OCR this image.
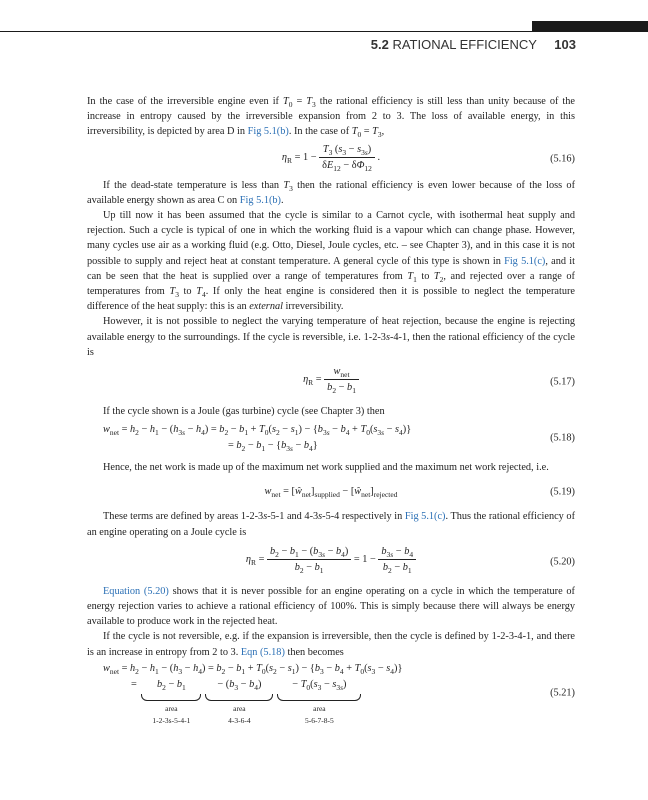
5.2 RATIONAL EFFICIENCY 103

In the case of the irreversible engine even if $T_0 = T_3$ the rational efficiency is still less than unity because of the increase in entropy caused by the irreversible expansion from 2 to 3. The loss of available energy, in this irreversibility, is depicted by area D in Fig 5.1(b). In the case of $T_0 = T_3$,

$\eta_R = 1 - \frac{T_3 (s_3 - s_{3s})}{\delta E_{12} - \delta\Phi_{12}}$ .	(5.16)

If the dead-state temperature is less than $T_3$ then the rational efficiency is even lower because of the loss of available energy shown as area C on Fig 5.1(b).

Up till now it has been assumed that the cycle is similar to a Carnot cycle, with isothermal heat supply and rejection. Such a cycle is typical of one in which the working fluid is a vapour which can change phase. However, many cycles use air as a working fluid (e.g. Otto, Diesel, Joule cycles, etc. – see Chapter 3), and in this case it is not possible to supply and reject heat at constant temperature. A general cycle of this type is shown in Fig 5.1(c), and it can be seen that the heat is supplied over a range of temperatures from $T_1$ to $T_2$, and rejected over a range of temperatures from $T_3$ to $T_4$. If only the heat engine is considered then it is possible to neglect the temperature difference of the heat supply: this is an external irreversibility.

However, it is not possible to neglect the varying temperature of heat rejection, because the engine is rejecting available energy to the surroundings. If the cycle is reversible, i.e. 1-2-3s-4-1, then the rational efficiency of the cycle is

$\eta_R = \frac{w_{net}}{b_2 - b_1}$	(5.17)

If the cycle shown is a Joule (gas turbine) cycle (see Chapter 3) then

$w_{net} = h_2 - h_1 - (h_{3s} - h_4) = b_2 - b_1 + T_0(s_2 - s_1) - \{b_{3s} - b_4 + T_0(s_{3s} - s_4)\}$
= $b_2 - b_1 - \{b_{3s} - b_4\}$
(5.18)

Hence, the net work is made up of the maximum net work supplied and the maximum net work rejected, i.e.

$w_{net}$ = $[ŵ_{net}]_{supplied}$ − $[ŵ_{net}]_{rejected}$	(5.19)

These terms are defined by areas 1-2-3s-5-1 and 4-3s-5-4 respectively in Fig 5.1(c). Thus the rational efficiency of an engine operating on a Joule cycle is

$\eta_R = \frac{b_2 - b_1 - (b_{3s} - b_4)}{b_2 - b_1} = 1 - \frac{b_{3s} - b_4}{b_2 - b_1}$	(5.20)

Equation (5.20) shows that it is never possible for an engine operating on a cycle in which the temperature of energy rejection varies to achieve a rational efficiency of 100%. This is simply because there will always be energy available to produce work in the rejected heat.

If the cycle is not reversible, e.g. if the expansion is irreversible, then the cycle is defined by 1-2-3-4-1, and there is an increase in entropy from 2 to 3. Eqn (5.18) then becomes

$w_{net} = h_2 - h_1 - (h_3 - h_4) = b_2 - b_1 + T_0(s_2 - s_1) - \{b_3 - b_4 + T_0(s_3 - s_4)\}$
= $b_2 - b_1$
area
1-2-3s-5-4-1
− $(b_3 - b_4)$
area
4-3-6-4
− $T_0(s_3 - s_{3s})$
area
5-6-7-8-5
(5.21)
